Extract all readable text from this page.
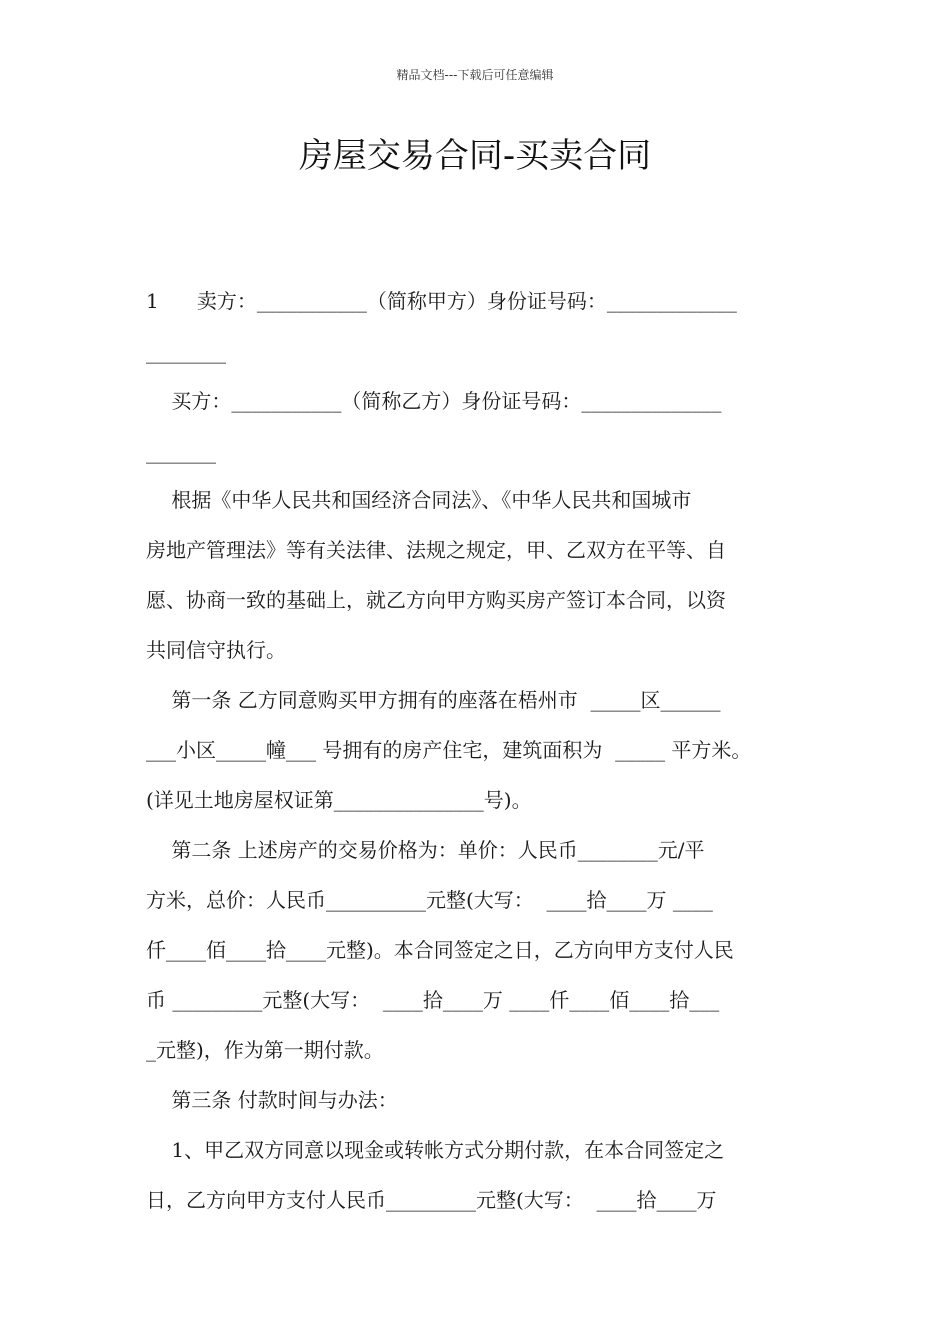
精品文档---下载后可任意编辑
房屋交易合同-买卖合同
1      卖方：___________（简称甲方）身份证号码：_____________
________
买方：___________（简称乙方）身份证号码：______________
_______
根据《中华人民共和国经济合同法》、《中华人民共和国城市
房地产管理法》等有关法律、法规之规定，甲、乙双方在平等、自
愿、协商一致的基础上，就乙方向甲方购买房产签订本合同，以资
共同信守执行。
第一条 乙方同意购买甲方拥有的座落在梧州市  _____区______
___小区_____幢___ 号拥有的房产住宅，建筑面积为  _____ 平方米。
(详见土地房屋权证第_______________号)。
第二条 上述房产的交易价格为：单价：人民币________元/平
方米，总价：人民币__________元整(大写：  ____拾____万 ____
仟____佰____拾____元整)。本合同签定之日，乙方向甲方支付人民
币 _________元整(大写：  ____拾____万 ____仟____佰____拾___
_元整)，作为第一期付款。
第三条 付款时间与办法：
1、甲乙双方同意以现金或转帐方式分期付款，在本合同签定之
日，乙方向甲方支付人民币_________元整(大写：  ____拾____万
